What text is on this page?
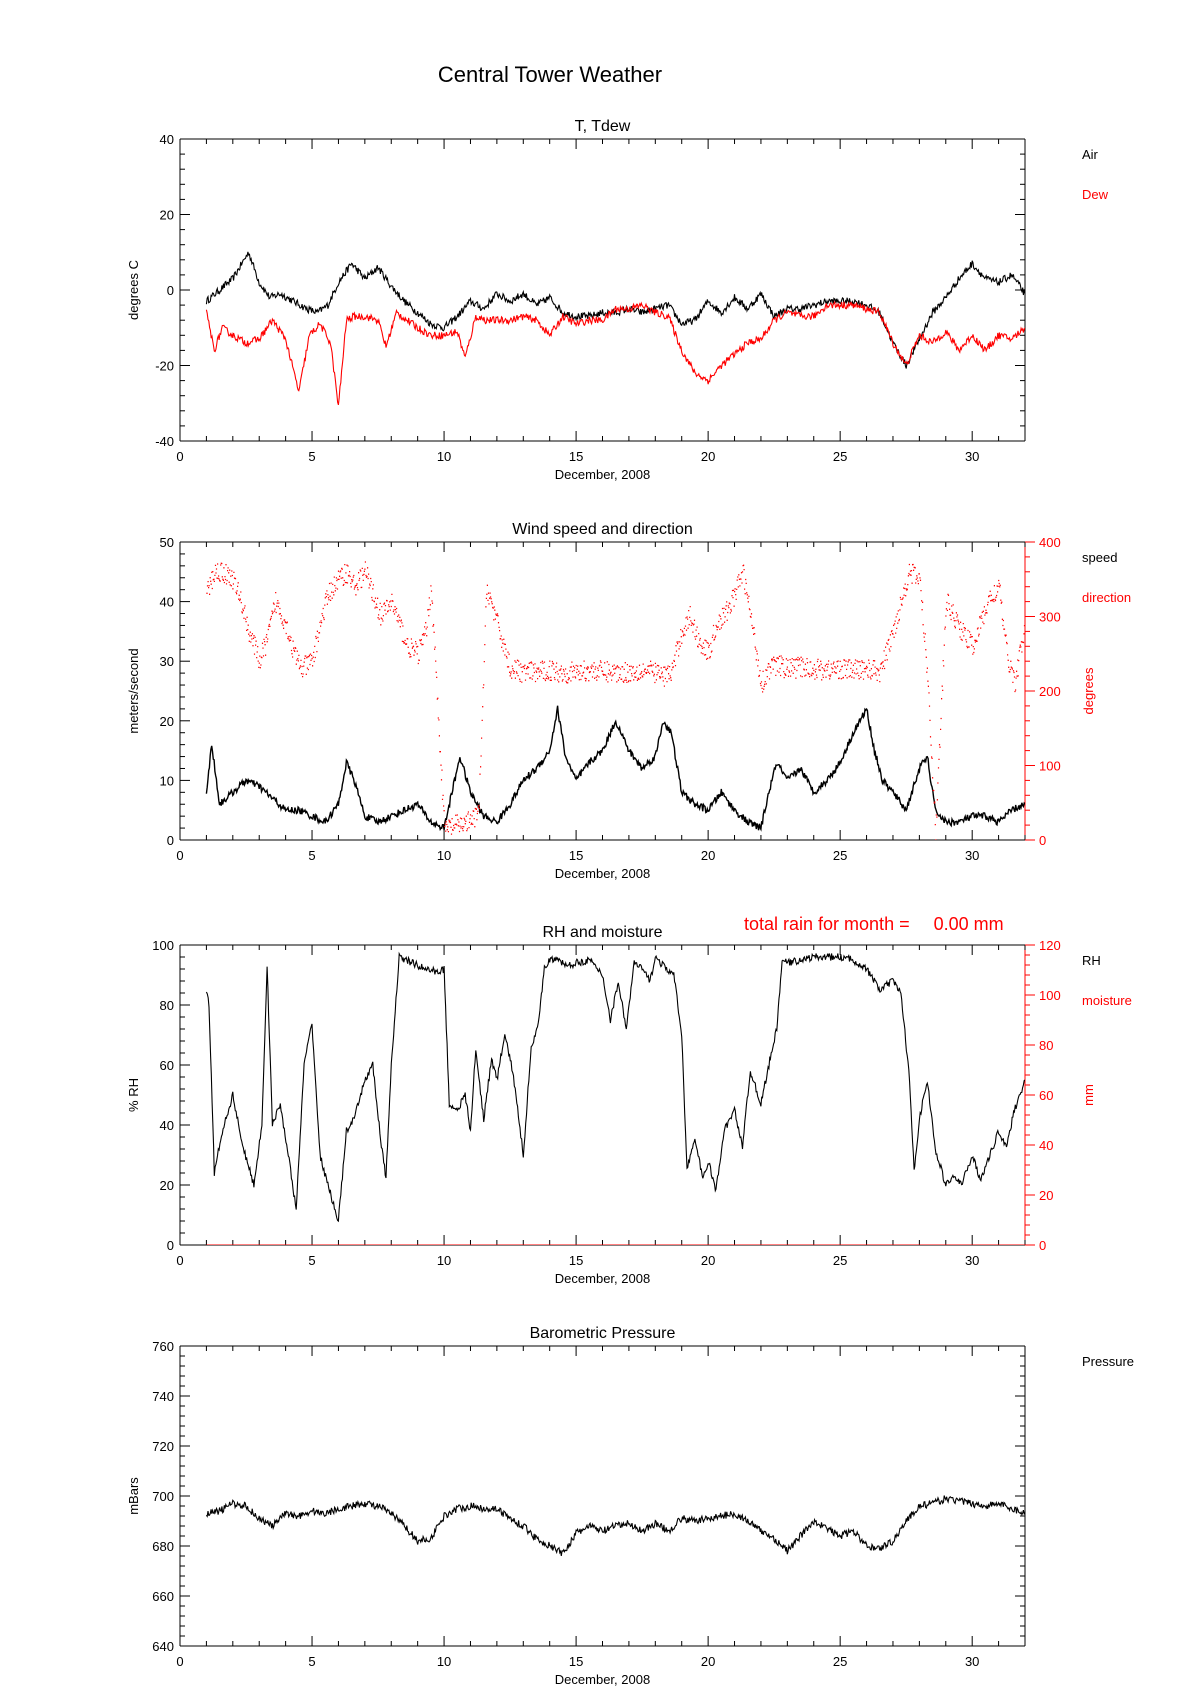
Central Tower Weather
total rain for month = 0.00 mm
T, Tdew
0	5	10	15	20	25	30
December, 2008
-40
-20
0
20
40
degrees C
Air
Dew
Wind speed and direction
0	5	10	15	20	25	30
December, 2008
0
10
20
30
40
50
meters/second
0
100
200
300
400
degrees
speed
direction
RH and moisture
0	5	10	15	20	25	30
December, 2008
0
20
40
60
80
100
% RH
0
20
40
60
80
100
120
mm
RH
moisture
Barometric Pressure
0	5	10	15	20	25	30
December, 2008
640
660
680
700
720
740
760
mBars
Pressure
